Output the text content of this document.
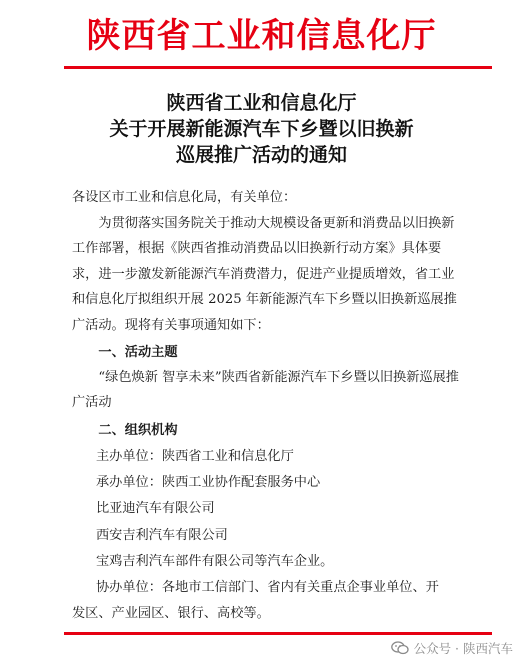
陕西省工业和信息化厅
陕西省工业和信息化厅
关于开展新能源汽车下乡暨以旧换新
巡展推广活动的通知
各设区市工业和信息化局，有关单位：
为贯彻落实国务院关于推动大规模设备更新和消费品以旧换新工作部署，根据《陕西省推动消费品以旧换新行动方案》具体要求，进一步激发新能源汽车消费潜力，促进产业提质增效，省工业和信息化厅拟组织开展 2025 年新能源汽车下乡暨以旧换新巡展推广活动。现将有关事项通知如下：
一、活动主题
“绿色焕新 智享未来”陕西省新能源汽车下乡暨以旧换新巡展推广活动
二、组织机构
主办单位：陕西省工业和信息化厅
承办单位：陕西工业协作配套服务中心
比亚迪汽车有限公司
西安吉利汽车有限公司
宝鸡吉利汽车部件有限公司等汽车企业。
协办单位：各地市工信部门、省内有关重点企事业单位、开
发区、产业园区、银行、高校等。
公众号 · 陕西汽车
